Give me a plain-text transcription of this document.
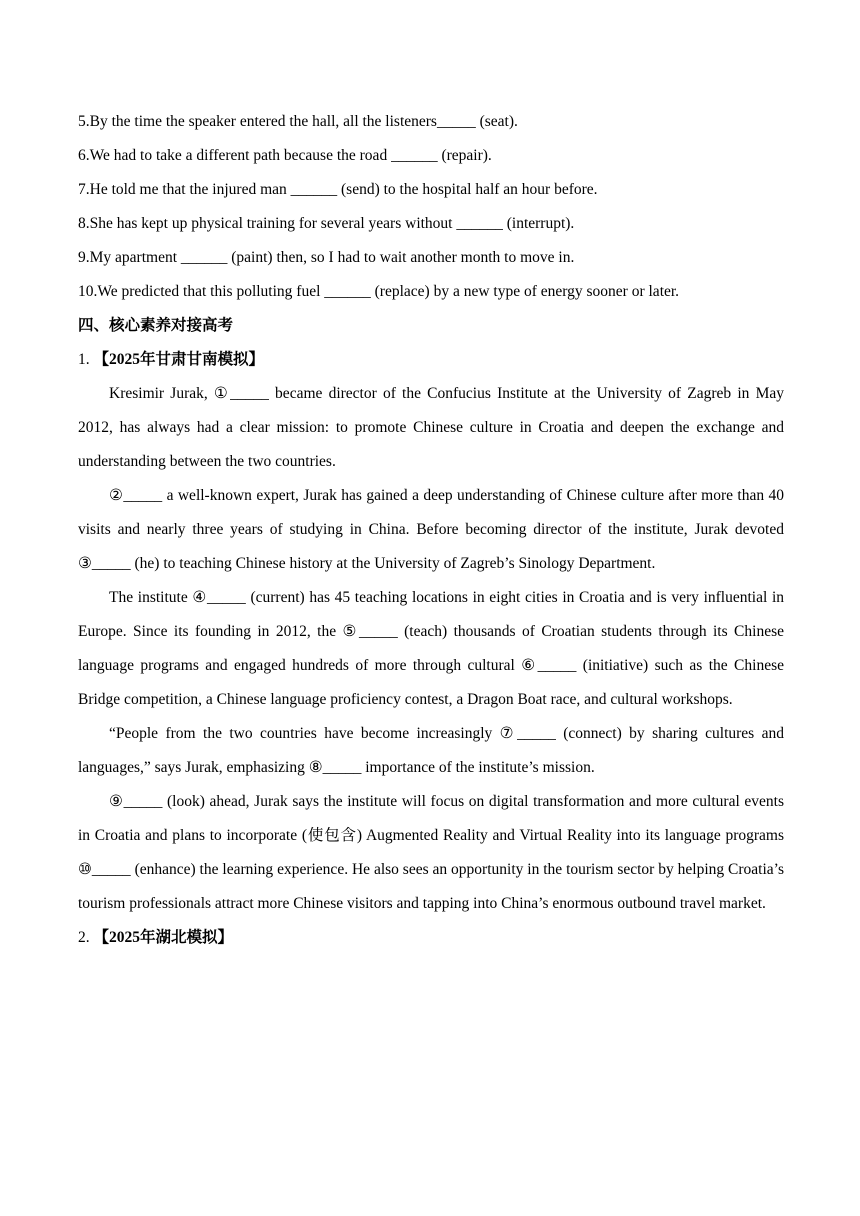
5.By the time the speaker entered the hall, all the listeners_____ (seat).
6.We had to take a different path because the road ______ (repair).
7.He told me that the injured man ______ (send) to the hospital half an hour before.
8.She has kept up physical training for several years without ______ (interrupt).
9.My apartment ______ (paint) then, so I had to wait another month to move in.
10.We predicted that this polluting fuel ______ (replace) by a new type of energy sooner or later.
四、核心素养对接高考
1. 【2025年甘肃甘南模拟】
Kresimir Jurak, ①_____ became director of the Confucius Institute at the University of Zagreb in May 2012, has always had a clear mission: to promote Chinese culture in Croatia and deepen the exchange and understanding between the two countries.
②_____ a well-known expert, Jurak has gained a deep understanding of Chinese culture after more than 40 visits and nearly three years of studying in China. Before becoming director of the institute, Jurak devoted ③_____ (he) to teaching Chinese history at the University of Zagreb’s Sinology Department.
The institute ④_____ (current) has 45 teaching locations in eight cities in Croatia and is very influential in Europe. Since its founding in 2012, the ⑤_____ (teach) thousands of Croatian students through its Chinese language programs and engaged hundreds of more through cultural ⑥_____ (initiative) such as the Chinese Bridge competition, a Chinese language proficiency contest, a Dragon Boat race, and cultural workshops.
“People from the two countries have become increasingly ⑦_____ (connect) by sharing cultures and languages,” says Jurak, emphasizing ⑧_____ importance of the institute’s mission.
⑨_____ (look) ahead, Jurak says the institute will focus on digital transformation and more cultural events in Croatia and plans to incorporate (使包含) Augmented Reality and Virtual Reality into its language programs ⑩_____ (enhance) the learning experience. He also sees an opportunity in the tourism sector by helping Croatia’s tourism professionals attract more Chinese visitors and tapping into China’s enormous outbound travel market.
2. 【2025年湖北模拟】
